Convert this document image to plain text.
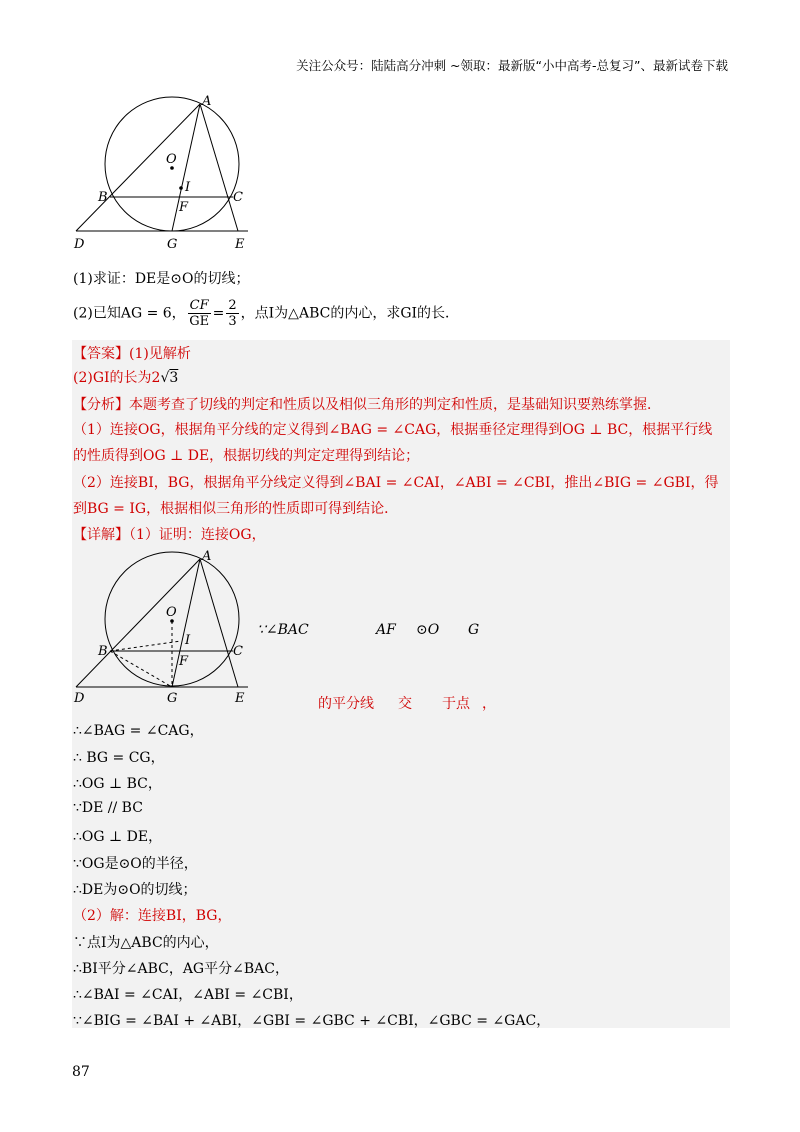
关注公众号：陆陆高分冲刺 ~领取：最新版“小中高考-总复习”、最新试卷下载
A
O
I
B	C
F
D	G	E
(1)求证：DE是⊙O的切线；
(2)已知AG = 6， $\frac{CF}{GE} = \frac{2}{3}$ ，点I为△ABC的内心，求GI的长．
【答案】(1)见解析
(2)GI的长为2√3
【分析】本题考查了切线的判定和性质以及相似三角形的判定和性质，是基础知识要熟练掌握．
（1）连接OG，根据角平分线的定义得到∠BAG = ∠CAG，根据垂径定理得到OG ⊥ BC，根据平行线
的性质得到OG ⊥ DE，根据切线的判定定理得到结论；
（2）连接BI，BG，根据角平分线定义得到∠BAI = ∠CAI，∠ABI = ∠CBI，推出∠BIG = ∠GBI，得
到BG = IG，根据相似三角形的性质即可得到结论．
【详解】（1）证明：连接OG，
A
O
I
B	C
F
D	G	E
∵∠BAC	AF ⊙O G
的平分线 交 于点 ，
∴∠BAG = ∠CAG，
∴ BG = CG，
∴OG ⊥ BC，
∵DE // BC
∴OG ⊥ DE，
∵OG是⊙O的半径，
∴DE为⊙O的切线；
（2）解：连接BI，BG，
∵点I为△ABC的内心，
∴BI平分∠ABC，AG平分∠BAC，
∴∠BAI = ∠CAI，∠ABI = ∠CBI，
∵∠BIG = ∠BAI + ∠ABI，∠GBI = ∠GBC + ∠CBI，∠GBC = ∠GAC，
87
